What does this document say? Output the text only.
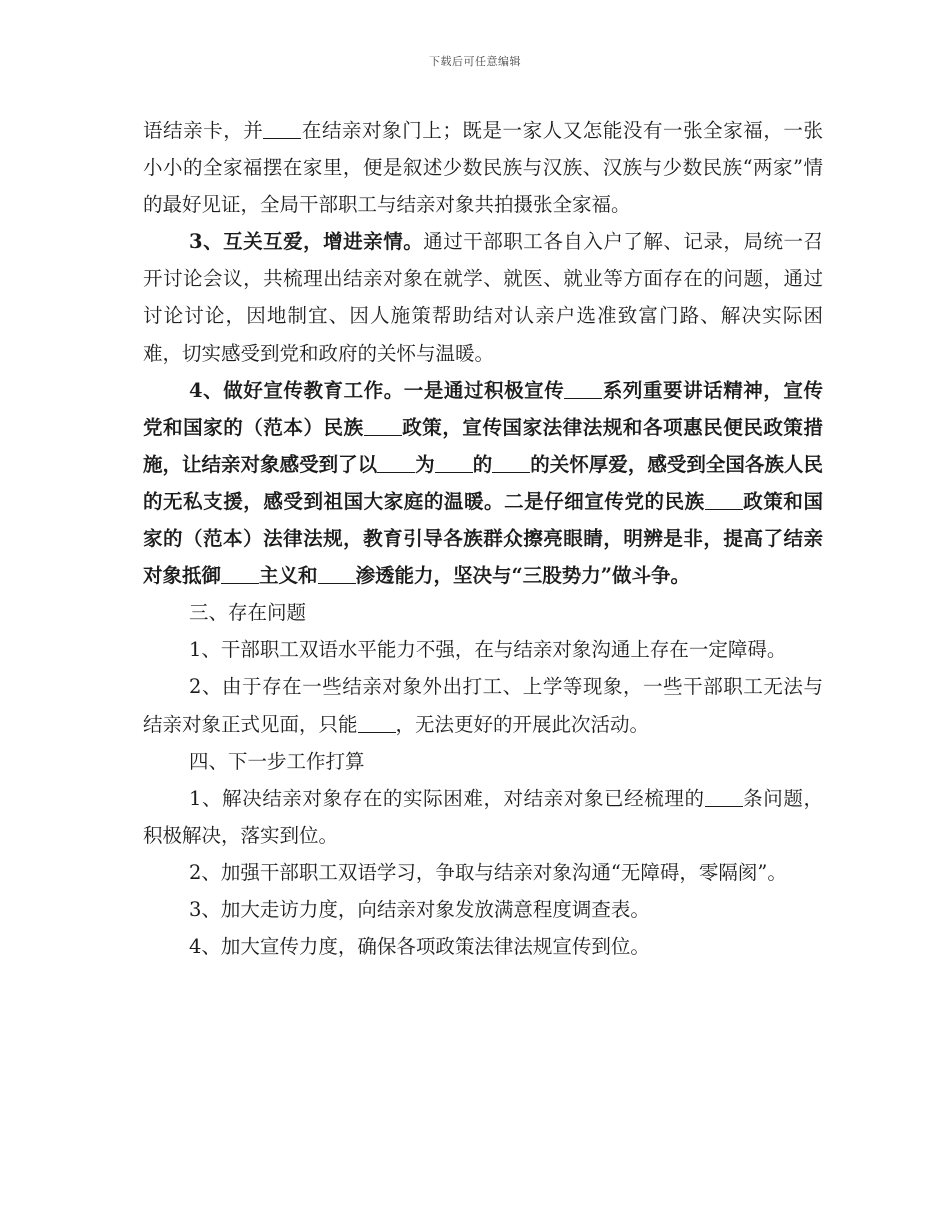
下载后可任意编辑

语结亲卡，并 在结亲对象门上；既是一家人又怎能没有一张全家福，一张小小的全家福摆在家里，便是叙述少数民族与汉族、汉族与少数民族“两家”情的最好见证，全局干部职工与结亲对象共拍摄张全家福。

3、互关互爱，增进亲情。通过干部职工各自入户了解、记录，局统一召开讨论会议，共梳理出结亲对象在就学、就医、就业等方面存在的问题，通过讨论讨论，因地制宜、因人施策帮助结对认亲户选准致富门路、解决实际困难，切实感受到党和政府的关怀与温暖。

4、做好宣传教育工作。一是通过积极宣传 系列重要讲话精神，宣传党和国家的（范本）民族 政策，宣传国家法律法规和各项惠民便民政策措施，让结亲对象感受到了以 为 的 的关怀厚爱，感受到全国各族人民的无私支援，感受到祖国大家庭的温暖。二是仔细宣传党的民族 政策和国家的（范本）法律法规，教育引导各族群众擦亮眼睛，明辨是非，提高了结亲对象抵御 主义和 渗透能力，坚决与“三股势力”做斗争。

三、存在问题

1、干部职工双语水平能力不强，在与结亲对象沟通上存在一定障碍。

2、由于存在一些结亲对象外出打工、上学等现象，一些干部职工无法与结亲对象正式见面，只能 ，无法更好的开展此次活动。

四、下一步工作打算

1、解决结亲对象存在的实际困难，对结亲对象已经梳理的 条问题，积极解决，落实到位。

2、加强干部职工双语学习，争取与结亲对象沟通“无障碍，零隔阂”。

3、加大走访力度，向结亲对象发放满意程度调查表。

4、加大宣传力度，确保各项政策法律法规宣传到位。
